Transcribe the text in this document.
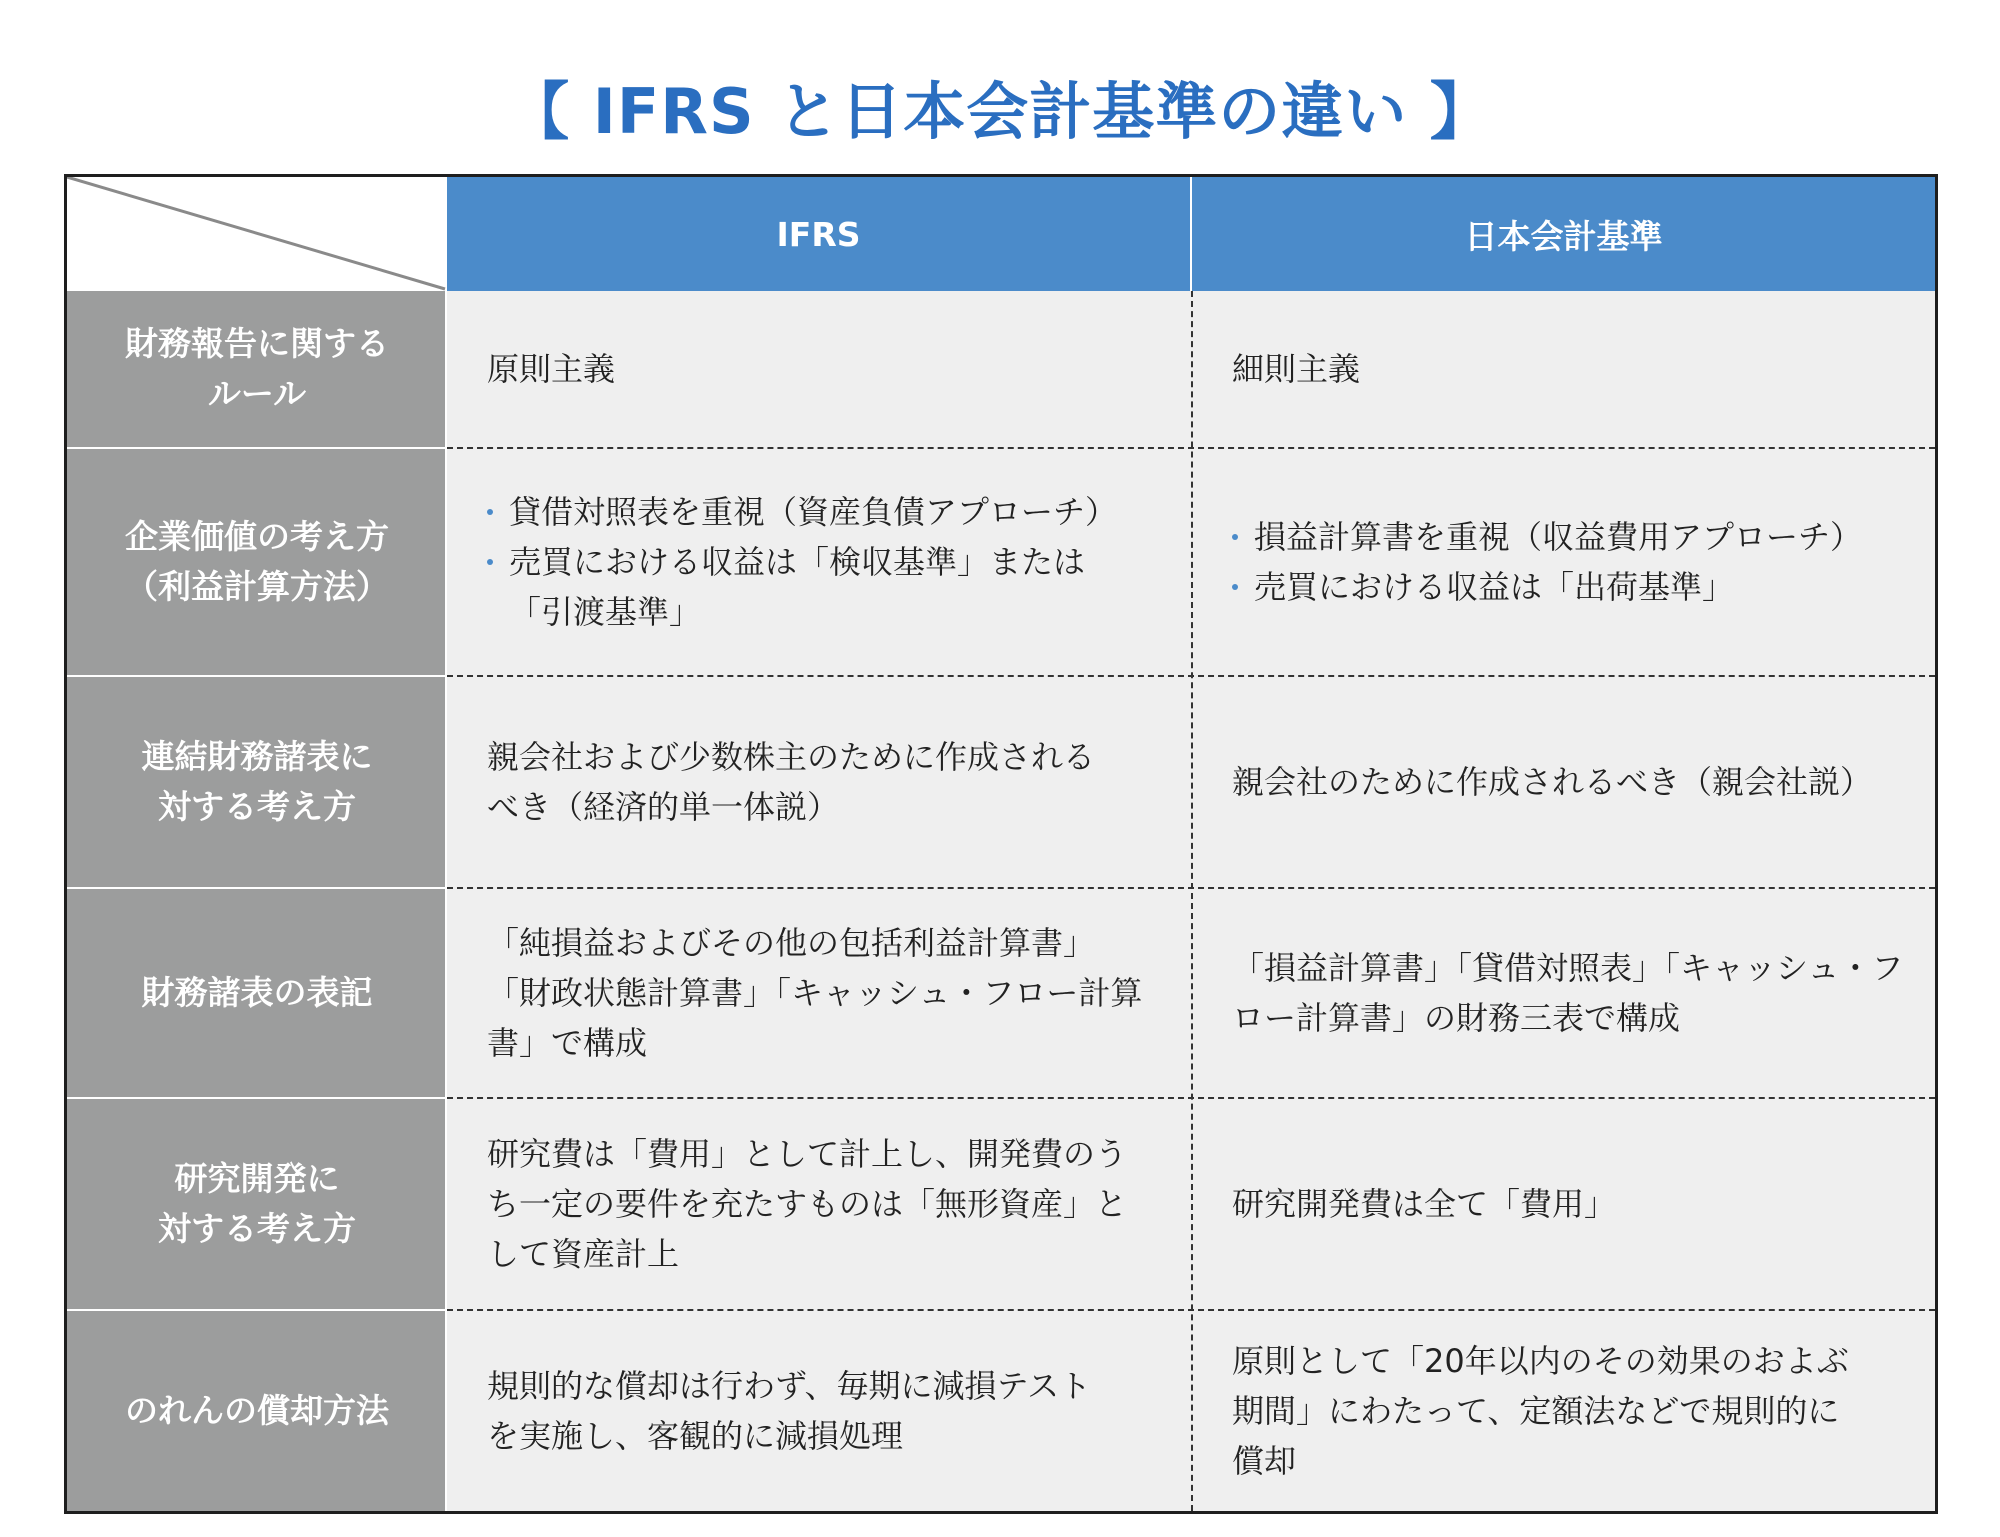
【 IFRS と日本会計基準の違い 】
IFRS	日本会計基準
財務報告に関する
ルール
原則主義	細則主義
企業価値の考え方
（利益計算方法）
貸借対照表を重視（資産負債アプローチ）
売買における収益は「検収基準」または
「引渡基準」
損益計算書を重視（収益費用アプローチ）
売買における収益は「出荷基準」
連結財務諸表に
対する考え方
親会社および少数株主のために作成される
べき（経済的単一体説）
親会社のために作成されるべき（親会社説）
財務諸表の表記
「純損益およびその他の包括利益計算書」
「財政状態計算書」「キャッシュ・フロー計算
書」で構成
「損益計算書」「貸借対照表」「キャッシュ・フ
ロー計算書」の財務三表で構成
研究開発に
対する考え方
研究費は「費用」として計上し、開発費のう
ち一定の要件を充たすものは「無形資産」と
して資産計上
研究開発費は全て「費用」
のれんの償却方法
規則的な償却は行わず、毎期に減損テスト
を実施し、客観的に減損処理
原則として「20年以内のその効果のおよぶ
期間」にわたって、定額法などで規則的に
償却
